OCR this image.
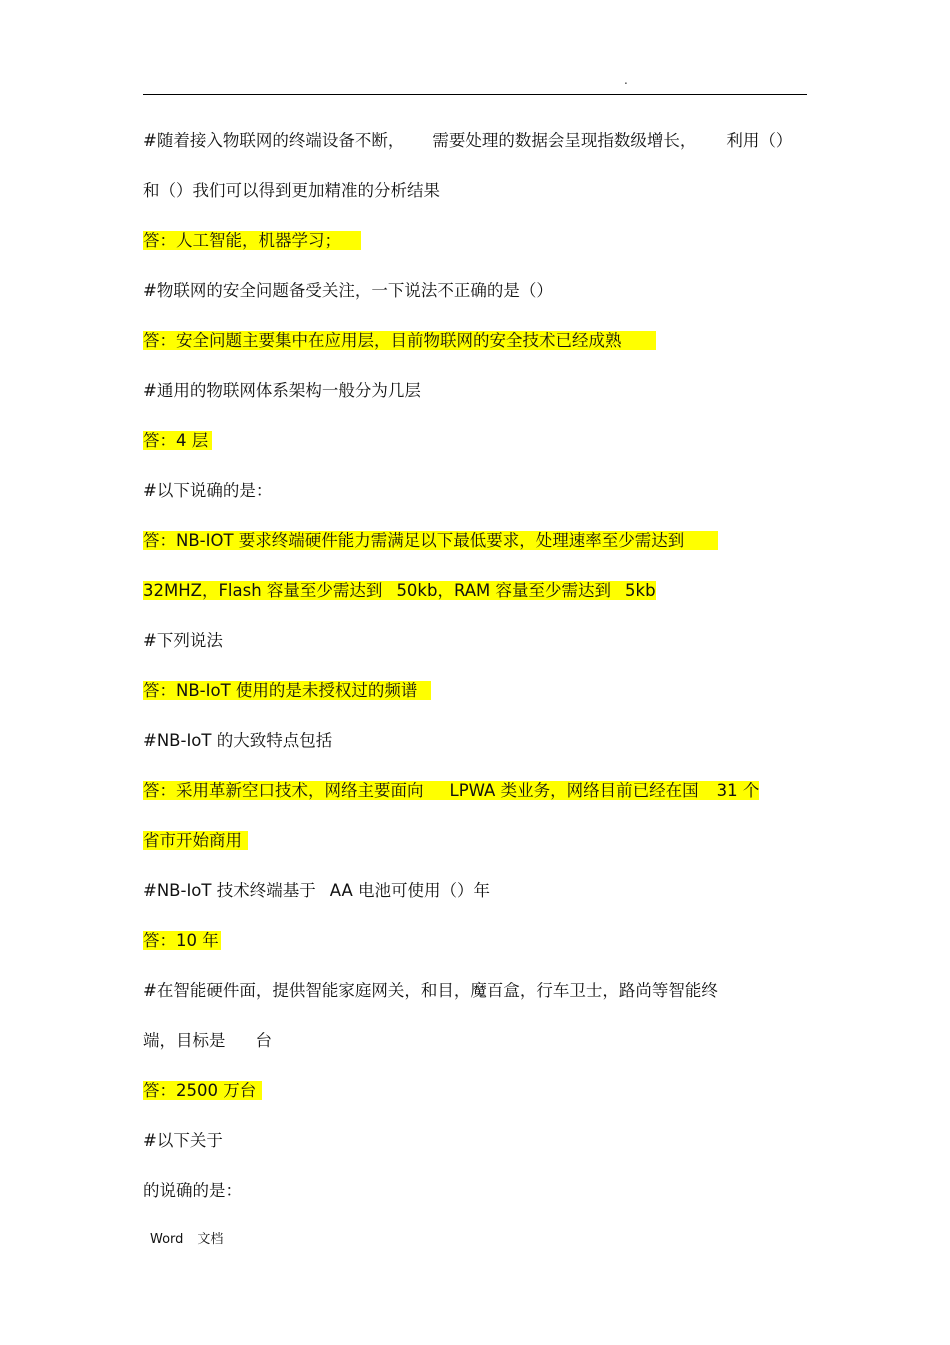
.
#随着接入物联网的终端设备不断， 需要处理的数据会呈现指数级增长， 利用（）
和（）我们可以得到更加精准的分析结果
答：人工智能，机器学习；
#物联网的安全问题备受关注，一下说法不正确的是（）
答：安全问题主要集中在应用层，目前物联网的安全技术已经成熟
#通用的物联网体系架构一般分为几层
答：4 层
#以下说确的是：
答：NB-IOT 要求终端硬件能力需满足以下最低要求，处理速率至少需达到
32MHZ，Flash 容量至少需达到 50kb，RAM 容量至少需达到 5kb
#下列说法
答：NB-IoT 使用的是未授权过的频谱
#NB-IoT 的大致特点包括
答：采用革新空口技术，网络主要面向 LPWA 类业务，网络目前已经在国 31 个
省市开始商用
#NB-IoT 技术终端基于 AA 电池可使用（）年
答：10 年
#在智能硬件面，提供智能家庭网关，和目，魔百盒，行车卫士，路尚等智能终
端，目标是 台
答：2500 万台
#以下关于
的说确的是：
Word 文档
